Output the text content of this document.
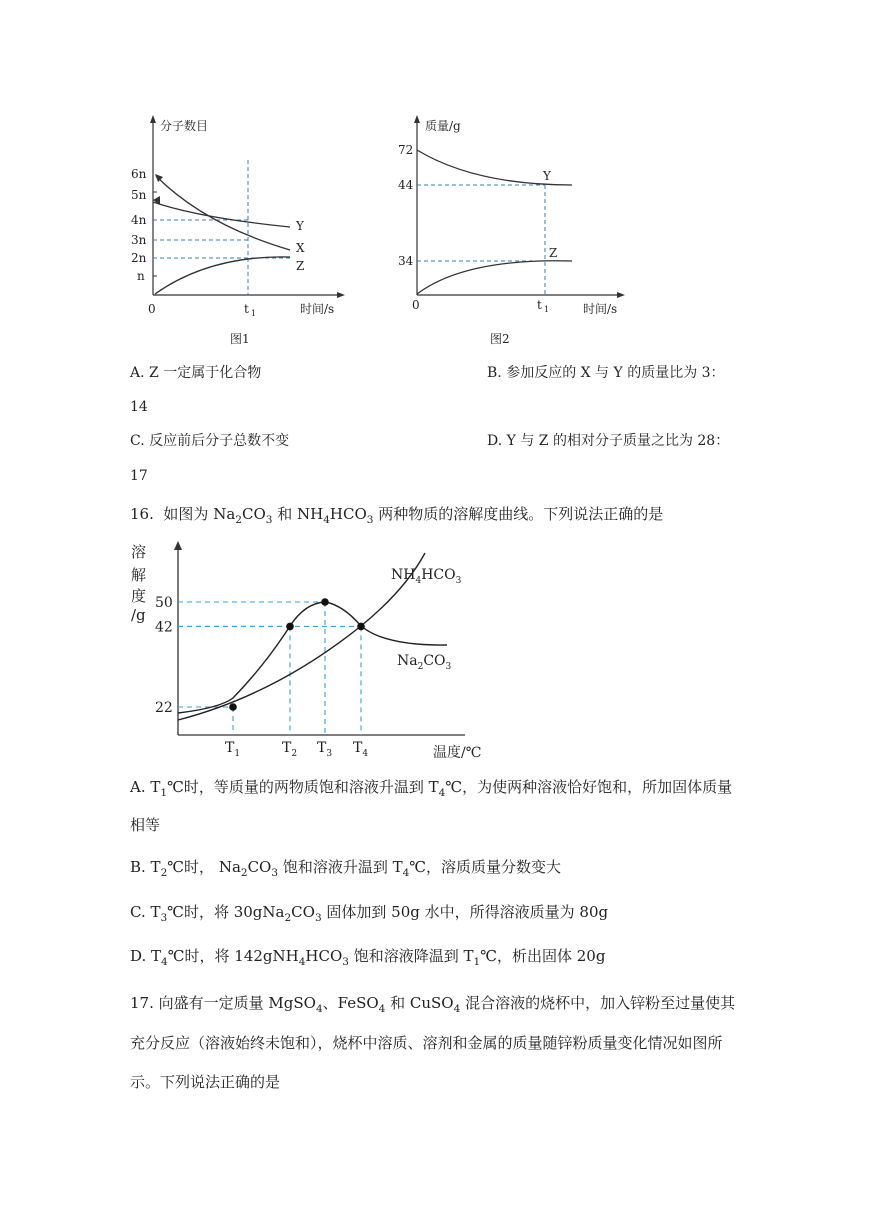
分子数目
6n
5n
4n
3n
2n
n
0	t 1	时间/s
Y
X
Z
图1
质量/g
72
44
34
0	t 1	时间/s
Y
Z
图2
A. Z 一定属于化合物	B. 参加反应的 X 与 Y 的质量比为 3：
14
C. 反应前后分子总数不变	D. Y 与 Z 的相对分子质量之比为 28：
17
16. 如图为 $Na_2CO_3$ 和 $NH_4HCO_3$ 两种物质的溶解度曲线。下列说法正确的是
22
42
50
$T_1$	$T_2$ $T_3$ $T_4$
溶
解
度
/g
温度/℃
$NH_4HCO_3$
$Na_2CO_3$
A. $T_1℃$时，等质量的两物质饱和溶液升温到 $T_4℃$，为使两种溶液恰好饱和，所加固体质量
相等
B. $T_2℃$时， $Na_2CO_3$ 饱和溶液升温到 $T_4℃$，溶质质量分数变大
C. $T_3℃$时，将 $30gNa_2CO_3$ 固体加到 50g 水中，所得溶液质量为 80g
D. $T_4℃$时，将 $142gNH_4HCO_3$ 饱和溶液降温到 $T_1℃$，析出固体 20g
17. 向盛有一定质量 MgSO$_4$、FeSO$_4$ 和 CuSO$_4$ 混合溶液的烧杯中，加入锌粉至过量使其
充分反应（溶液始终未饱和），烧杯中溶质、溶剂和金属的质量随锌粉质量变化情况如图所
示。下列说法正确的是
